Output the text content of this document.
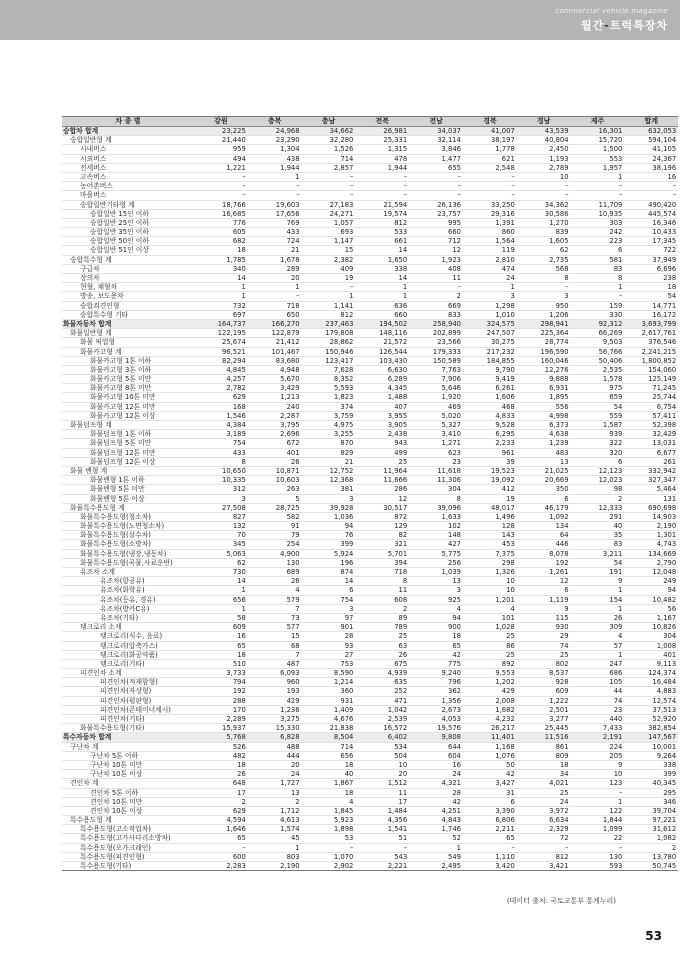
commercial vehicle magazine
월간-트럭특장차
차 종 별	강원	충북	충남	전북	전남	경북	경남	제주	합계
승합차 합계	23,225	24,968	34,662	26,981	34,037	41,007	43,539	16,301	632,053
승합일반형 계	21,440	23,290	32,280	25,331	32,114	38,197	40,804	15,720	594,104
시내버스	959	1,304	1,526	1,315	3,846	1,778	2,450	1,500	41,105
시외버스	494	438	714	478	1,477	621	1,193	553	24,367
전세버스	1,221	1,944	2,857	1,944	655	2,548	2,789	1,957	38,196
고속버스	–	1	–	–	–	–	10	1	16
농어촌버스	–	–	–	–	–	–	–	–	–
마을버스	–	–	–	–	–	–	–	–	–
승합일반기타형 계	18,766	19,603	27,183	21,594	26,136	33,250	34,362	11,709	490,420
승합일반 15인 이하	16,685	17,656	24,271	19,574	23,757	29,316	30,586	10,935	445,574
승합일반 25인 이하	776	769	1,057	812	995	1,391	1,270	303	16,346
승합일반 35인 이하	605	433	693	533	660	860	839	242	10,433
승합일반 50인 이하	682	724	1,147	661	712	1,564	1,605	223	17,345
승합일반 51인 이상	18	21	15	14	12	119	62	6	722
승합특수형 계	1,785	1,678	2,382	1,650	1,923	2,810	2,735	581	37,949
구급차	340	289	409	338	408	474	568	83	6,696
장의차	14	20	19	14	11	24	8	8	238
현혈, 채혈차	1	1	–	1	–	1	–	1	18
방송, 보도용차	1	–	1	1	2	3	3	–	54
승합죄견인형	732	718	1,141	636	669	1,298	950	159	14,771
승합특수형 기타	697	650	812	660	833	1,010	1,206	330	16,172
화물자동차 합계	164,737	166,270	237,463	194,502	258,940	324,575	298,941	92,312	3,693,799
화물일반형 계	122,195	122,879	179,808	148,116	202,899	247,507	225,364	66,269	2,617,761
화물 픽업형	25,674	21,412	28,862	21,572	23,566	30,275	28,774	9,503	376,546
화물카고형 계	96,521	101,467	150,946	126,544	179,333	217,232	196,590	56,766	2,241,215
화물카고형 1톤 이하	82,294	83,680	123,417	103,430	150,589	184,855	160,046	50,406	1,800,852
화물카고형 3톤 이하	4,845	4,948	7,628	6,630	7,763	9,790	12,276	2,535	154,060
화물카고형 5톤 미만	4,257	5,670	8,352	6,289	7,906	9,419	9,888	1,578	125,149
화물카고형 8톤 미만	2,782	3,429	5,593	4,345	5,646	6,261	6,931	975	71,245
화물카고형 10톤 미만	629	1,213	1,823	1,488	1,920	1,606	1,895	659	25,744
화물카고형 12톤 미만	168	240	374	407	469	468	556	54	6,754
화물카고형 12톤 이상	1,546	2,287	3,759	3,955	5,020	4,833	4,998	559	57,411
화물덤프형 계	4,384	3,795	4,975	3,905	5,327	9,528	6,373	1,587	52,398
화물덤프형 1톤 이하	3,189	2,696	3,255	2,438	3,410	6,295	4,638	939	32,429
화물덤프형 5톤 미만	754	672	870	943	1,271	2,233	1,239	322	13,031
화물덤프형 12톤 미만	433	401	829	499	623	961	483	320	6,677
화물덤프형 12톤 이상	8	26	21	25	23	39	13	6	261
화물 밴형 계	10,650	10,871	12,752	11,964	11,618	19,523	21,025	12,123	332,942
화물밴형 1톤 이하	10,335	10,603	12,368	11,666	11,306	19,092	20,669	12,023	327,347
화물밴형 5톤 미만	312	263	381	286	304	412	350	98	5,464
화물밴형 5톤 이상	3	5	3	12	8	19	6	2	131
화물특수용도형 계	27,508	28,725	39,928	30,517	39,096	48,017	46,179	12,333	690,698
화물특수용도형(청소차)	827	582	1,036	872	1,633	1,496	1,092	291	14,903
화물특수용도형(노면청소차)	132	91	94	129	102	128	134	40	2,190
화물특수용도형(살수차)	70	79	76	82	148	143	64	35	1,301
화물특수용도형(소방차)	345	254	399	321	427	453	446	83	4,743
화물특수용도형(냉장,냉동차)	5,063	4,900	5,924	5,701	5,775	7,375	8,078	3,211	134,669
화물특수용도형(곡물,사료운반)	62	130	196	394	256	298	192	54	2,790
유조차 소계	730	689	874	718	1,039	1,326	1,261	191	12,048
유조차(항공유)	14	26	14	8	13	10	12	9	249
유조차(화학유)	1	4	6	11	3	10	6	1	94
유조차(등유, 경유)	656	579	754	608	925	1,201	1,119	154	10,482
유조차(방카C유)	1	7	3	2	4	4	9	1	56
유조차(기타)	58	73	97	89	94	101	115	26	1,167
탱크로리 소계	609	577	901	789	900	1,028	930	309	10,826
탱크로리(식수, 음료)	16	15	28	25	18	25	29	4	304
탱크로리(압축가스)	65	68	93	63	65	86	74	57	1,008
탱크로리(화공약품)	18	7	27	26	42	25	25	1	401
탱크로리(기타)	510	487	753	675	775	892	802	247	9,113
피견인차 소계	3,733	6,093	8,590	4,939	9,240	9,553	8,537	686	124,374
피견인차(적재함형)	794	960	1,214	635	796	1,202	928	105	16,484
피견인차(자상형)	192	193	360	252	362	429	609	44	4,883
피견인차(평판형)	288	429	931	471	1,356	2,008	1,222	74	12,574
피견인차(콘테이너세시)	170	1,236	1,409	1,042	2,673	1,682	2,501	23	37,513
피견인차(기타)	2,289	3,275	4,676	2,539	4,053	4,232	3,277	440	52,920
화물특수용도형(기타)	15,937	15,330	21,838	16,572	19,576	26,217	25,445	7,433	382,854
특수자동차 합계	5,768	6,828	8,504	6,402	9,808	11,401	11,516	2,191	147,567
구난차 계	526	488	714	534	644	1,168	861	224	10,001
구난차 5톤 이하	482	444	656	504	604	1,076	809	205	9,264
구난차 10톤 미만	18	20	18	10	16	50	18	9	338
구난차 10톤 이상	26	24	40	20	24	42	34	10	399
견인차 계	648	1,727	1,867	1,512	4,321	3,427	4,021	123	40,345
견인차 5톤 이하	17	13	18	11	28	31	25	–	295
견인차 10톤 미만	2	2	4	17	42	6	24	1	346
견인차 10톤 이상	629	1,712	1,845	1,484	4,251	3,390	3,972	122	39,704
특수용도형 계	4,594	4,613	5,923	4,356	4,843	6,806	6,634	1,844	97,221
특수용도형(고소작업차)	1,646	1,574	1,898	1,541	1,746	2,211	2,329	1,099	31,612
특수용도형(고가사다리소방차)	65	45	53	51	52	65	72	22	1,082
특수용도형(오가크레인)	–	1	–	–	1	–	–	–	2
특수용도형(피견인형)	600	803	1,070	543	549	1,110	812	130	13,780
특수용도형(기타)	2,283	2,190	2,902	2,221	2,495	3,420	3,421	593	50,745
(데이터 출처: 국토교통부 통계누리)
53
